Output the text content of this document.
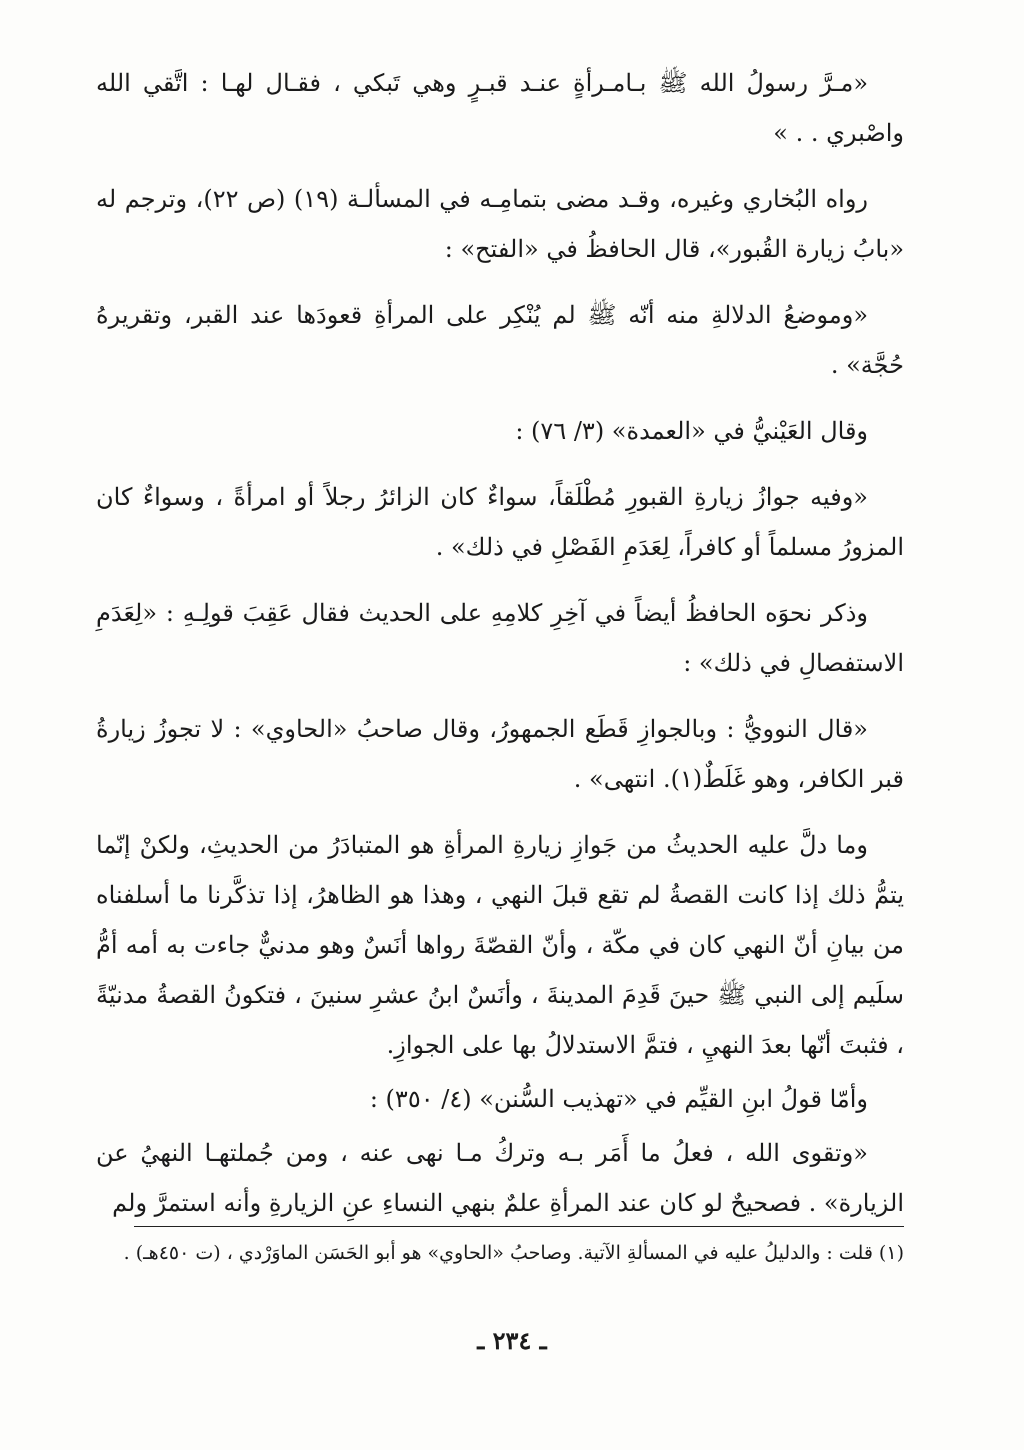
«مـرَّ رسولُ الله ﷺ بـامـرأةٍ عنـد قبـرٍ وهي تَبكي ، فقـال لهـا : اتَّقي الله واصْبري . . »

رواه البُخاري وغيره، وقـد مضى بتمامِـه في المسألـة (١٩) (ص ٢٢)، وترجم له «بابُ زيارة القُبور»، قال الحافظُ في «الفتح» :

«وموضعُ الدلالةِ منه أنّه ﷺ لم يُنْكِر على المرأةِ قعودَها عند القبر، وتقريرهُ حُجَّة» .

وقال العَيْنيُّ في «العمدة» (٣/ ٧٦) :

«وفيه جوازُ زيارةِ القبورِ مُطْلَقاً، سواءٌ كان الزائرُ رجلاً أو امرأةً ، وسواءٌ كان المزورُ مسلماً أو كافراً، لِعَدَمِ الفَصْلِ في ذلك» .

وذكر نحوَه الحافظُ أيضاً في آخِرِ كلامِهِ على الحديث فقال عَقِبَ قولِـهِ : «لِعَدَمِ الاستفصالِ في ذلك» :

«قال النوويُّ : وبالجوازِ قَطَع الجمهورُ، وقال صاحبُ «الحاوي» : لا تجوزُ زيارةُ قبر الكافر، وهو غَلَطٌ(١). انتهى» .

وما دلَّ عليه الحديثُ من جَوازِ زيارةِ المرأةِ هو المتبادَرُ من الحديثِ، ولكنْ إنّما يتمُّ ذلك إذا كانت القصةُ لم تقع قبلَ النهي ، وهذا هو الظاهرُ، إذا تذكَّرنا ما أسلفناه من بيانِ أنّ النهي كان في مكّة ، وأنّ القصّةَ رواها أنَسٌ وهو مدنيٌّ جاءت به أمه أمُّ سلَيم إلى النبي ﷺ حينَ قَدِمَ المدينةَ ، وأنَسٌ ابنُ عشرِ سنينَ ، فتكونُ القصةُ مدنيّةً ، فثبتَ أنّها بعدَ النهيِ ، فتمَّ الاستدلالُ بها على الجوازِ.

وأمّا قولُ ابنِ القيِّم في «تهذيب السُّنن» (٤/ ٣٥٠) :

«وتقوى الله ، فعلُ ما أَمَر بـه وتركُ مـا نهى عنه ، ومن جُملتهـا النهيُ عن الزيارة» . فصحيحٌ لو كان عند المرأةِ علمٌ بنهي النساءِ عنِ الزيارةِ وأنه استمرَّ ولم

(١) قلت : والدليلُ عليه في المسألةِ الآتية. وصاحبُ «الحاوي» هو أبو الحَسَن الماوَرْدي ، (ت ٤٥٠هـ) .
ـ ٢٣٤ ـ
